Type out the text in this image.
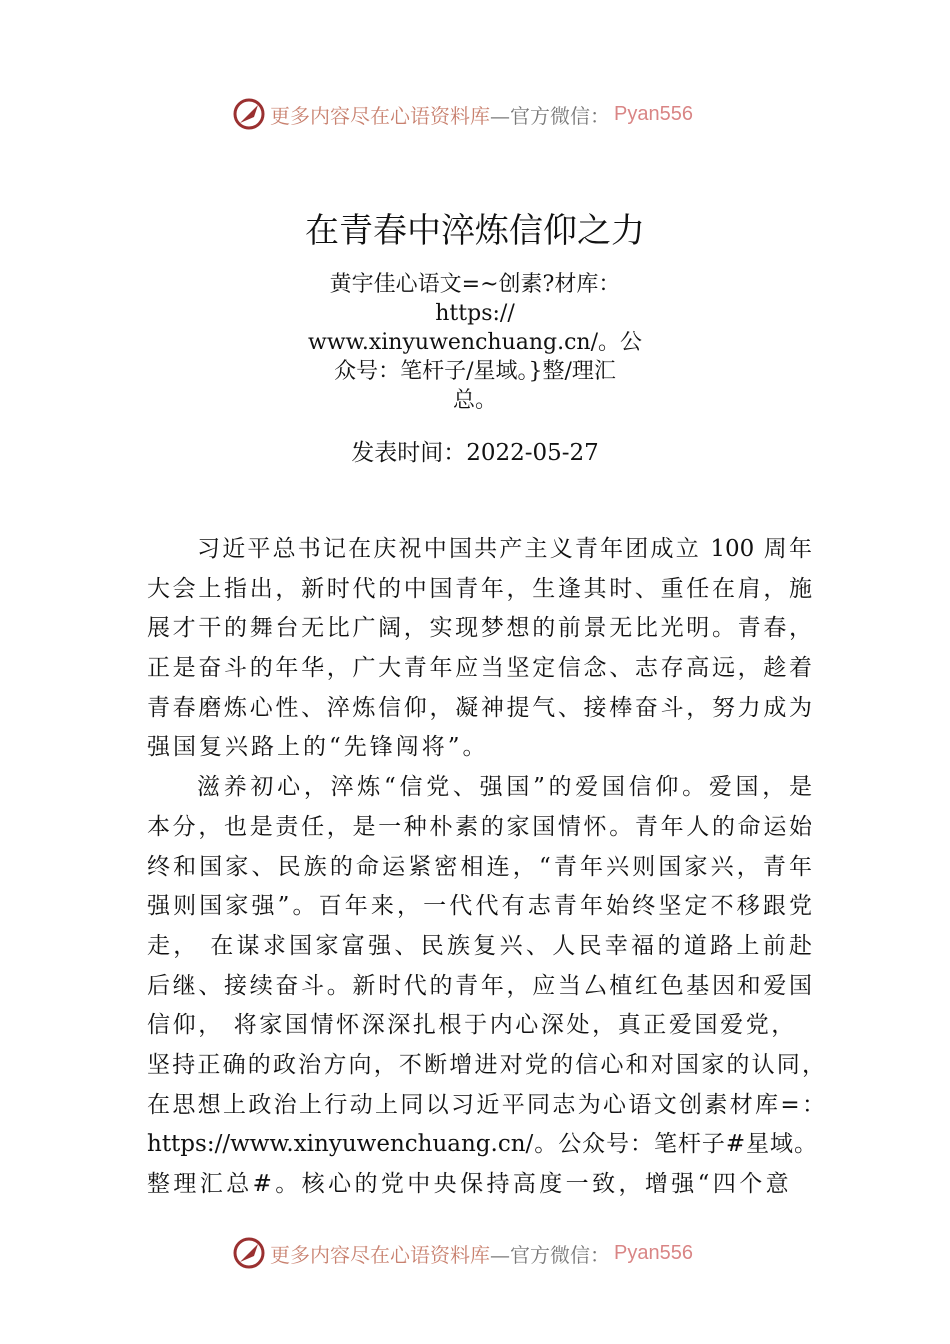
更多内容尽在心语资料库 —官方微信： Pyan556
在青春中淬炼信仰之力
黄宇佳心语文=~创素?材库：
https://
www.xinyuwenchuang.cn/。公
众号：笔杆子/星域。}整/理汇
总。
发表时间：2022-05-27
习近平总书记在庆祝中国共产主义青年团成立 100 周年
大会上指出，新时代的中国青年，生逢其时、重任在肩，施
展才干的舞台无比广阔，实现梦想的前景无比光明。青春，
正是奋斗的年华，广大青年应当坚定信念、志存高远，趁着
青春磨炼心性、淬炼信仰，凝神提气、接棒奋斗，努力成为
强国复兴路上的“先锋闯将”。
滋养初心，淬炼“信党、强国”的爱国信仰。爱国，是
本分，也是责任，是一种朴素的家国情怀。青年人的命运始
终和国家、民族的命运紧密相连，“青年兴则国家兴，青年
强则国家强”。百年来，一代代有志青年始终坚定不移跟党
走， 在谋求国家富强、民族复兴、人民幸福的道路上前赴
后继、接续奋斗。新时代的青年，应当厶植红色基因和爱国
信仰， 将家国情怀深深扎根于内心深处，真正爱国爱党，
坚持正确的政治方向，不断增进对党的信心和对国家的认同，
在思想上政治上行动上同以习近平同志为心语文创素材库=：
https://www.xinyuwenchuang.cn/。公众号：笔杆子#星域。
整理汇总#。核心的党中央保持高度一致，增强“四个意
更多内容尽在心语资料库 —官方微信： Pyan556
